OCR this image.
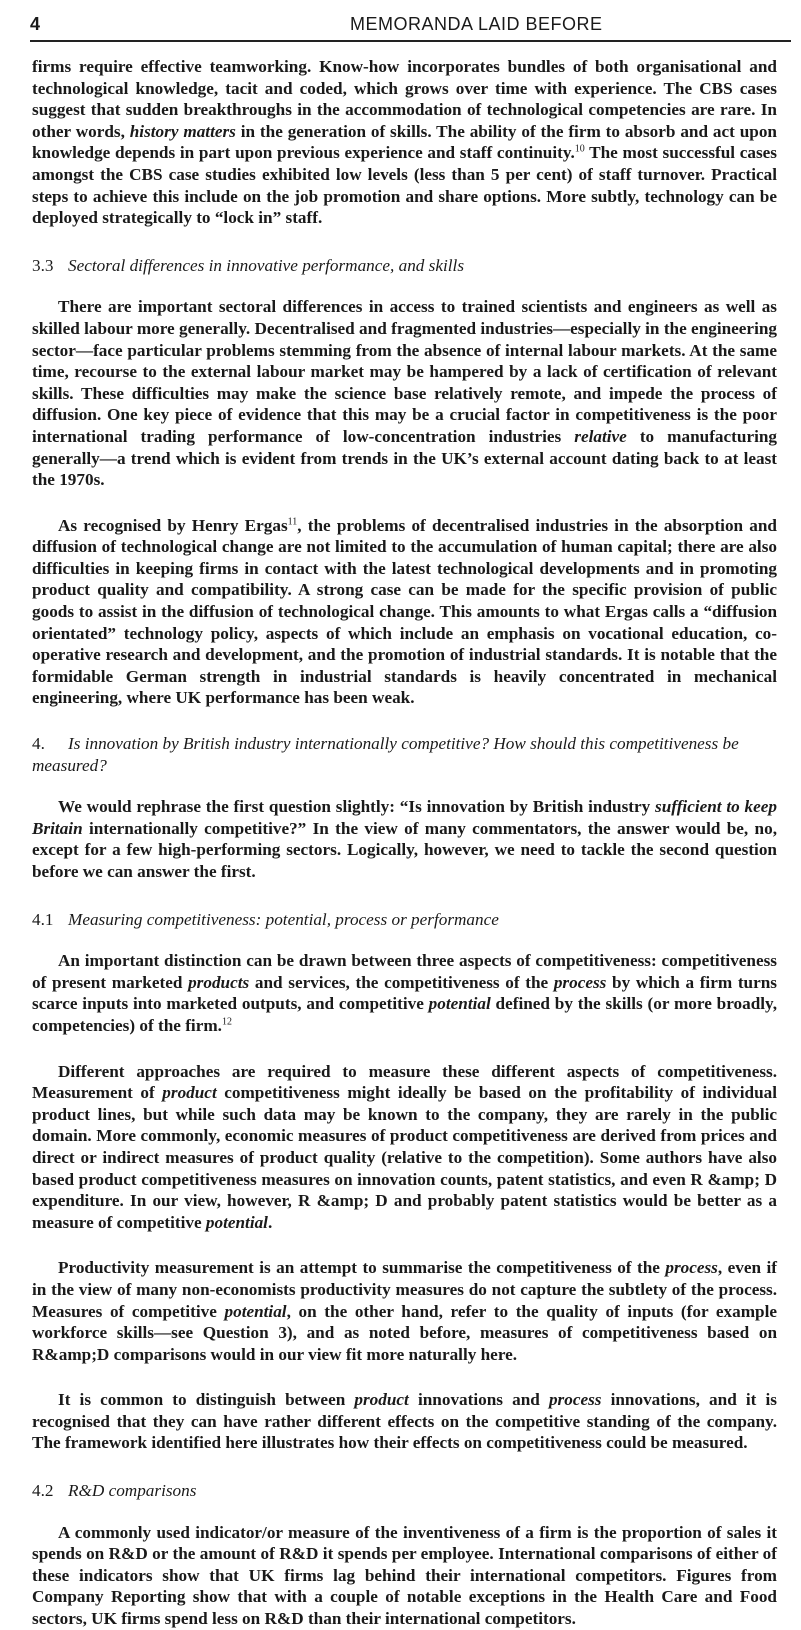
4	MEMORANDA LAID BEFORE

firms require effective teamworking. Know-how incorporates bundles of both organisational and technological knowledge, tacit and coded, which grows over time with experience. The CBS cases suggest that sudden breakthroughs in the accommodation of technological competencies are rare. In other words, history matters in the generation of skills. The ability of the firm to absorb and act upon knowledge depends in part upon previous experience and staff continuity.$^{10}$ The most successful cases amongst the CBS case studies exhibited low levels (less than 5 per cent) of staff turnover. Practical steps to achieve this include on the job promotion and share options. More subtly, technology can be deployed strategically to “lock in” staff.

3.3 Sectoral differences in innovative performance, and skills

There are important sectoral differences in access to trained scientists and engineers as well as skilled labour more generally. Decentralised and fragmented industries—especially in the engineering sector—face particular problems stemming from the absence of internal labour markets. At the same time, recourse to the external labour market may be hampered by a lack of certification of relevant skills. These difficulties may make the science base relatively remote, and impede the process of diffusion. One key piece of evidence that this may be a crucial factor in competitiveness is the poor international trading performance of low-concentration industries relative to manufacturing generally—a trend which is evident from trends in the UK’s external account dating back to at least the 1970s.

As recognised by Henry Ergas$^{11}$, the problems of decentralised industries in the absorption and diffusion of technological change are not limited to the accumulation of human capital; there are also difficulties in keeping firms in contact with the latest technological developments and in promoting product quality and compatibility. A strong case can be made for the specific provision of public goods to assist in the diffusion of technological change. This amounts to what Ergas calls a “diffusion orientated” technology policy, aspects of which include an emphasis on vocational education, co-operative research and development, and the promotion of industrial standards. It is notable that the formidable German strength in industrial standards is heavily concentrated in mechanical engineering, where UK performance has been weak.

4. Is innovation by British industry internationally competitive? How should this competitiveness be measured?

We would rephrase the first question slightly: “Is innovation by British industry sufficient to keep Britain internationally competitive?” In the view of many commentators, the answer would be, no, except for a few high-performing sectors. Logically, however, we need to tackle the second question before we can answer the first.

4.1 Measuring competitiveness: potential, process or performance

An important distinction can be drawn between three aspects of competitiveness: competitiveness of present marketed products and services, the competitiveness of the process by which a firm turns scarce inputs into marketed outputs, and competitive potential defined by the skills (or more broadly, competencies) of the firm.$^{12}$

Different approaches are required to measure these different aspects of competitiveness. Measurement of product competitiveness might ideally be based on the profitability of individual product lines, but while such data may be known to the company, they are rarely in the public domain. More commonly, economic measures of product competitiveness are derived from prices and direct or indirect measures of product quality (relative to the competition). Some authors have also based product competitiveness measures on innovation counts, patent statistics, and even R &amp; D expenditure. In our view, however, R &amp; D and probably patent statistics would be better as a measure of competitive potential.

Productivity measurement is an attempt to summarise the competitiveness of the process, even if in the view of many non-economists productivity measures do not capture the subtlety of the process. Measures of competitive potential, on the other hand, refer to the quality of inputs (for example workforce skills—see Question 3), and as noted before, measures of competitiveness based on R&amp;D comparisons would in our view fit more naturally here.

It is common to distinguish between product innovations and process innovations, and it is recognised that they can have rather different effects on the competitive standing of the company. The framework identified here illustrates how their effects on competitiveness could be measured.

4.2 R&D comparisons

A commonly used indicator/or measure of the inventiveness of a firm is the proportion of sales it spends on R&D or the amount of R&D it spends per employee. International comparisons of either of these indicators show that UK firms lag behind their international competitors. Figures from Company Reporting show that with a couple of notable exceptions in the Health Care and Food sectors, UK firms spend less on R&D than their international competitors.
